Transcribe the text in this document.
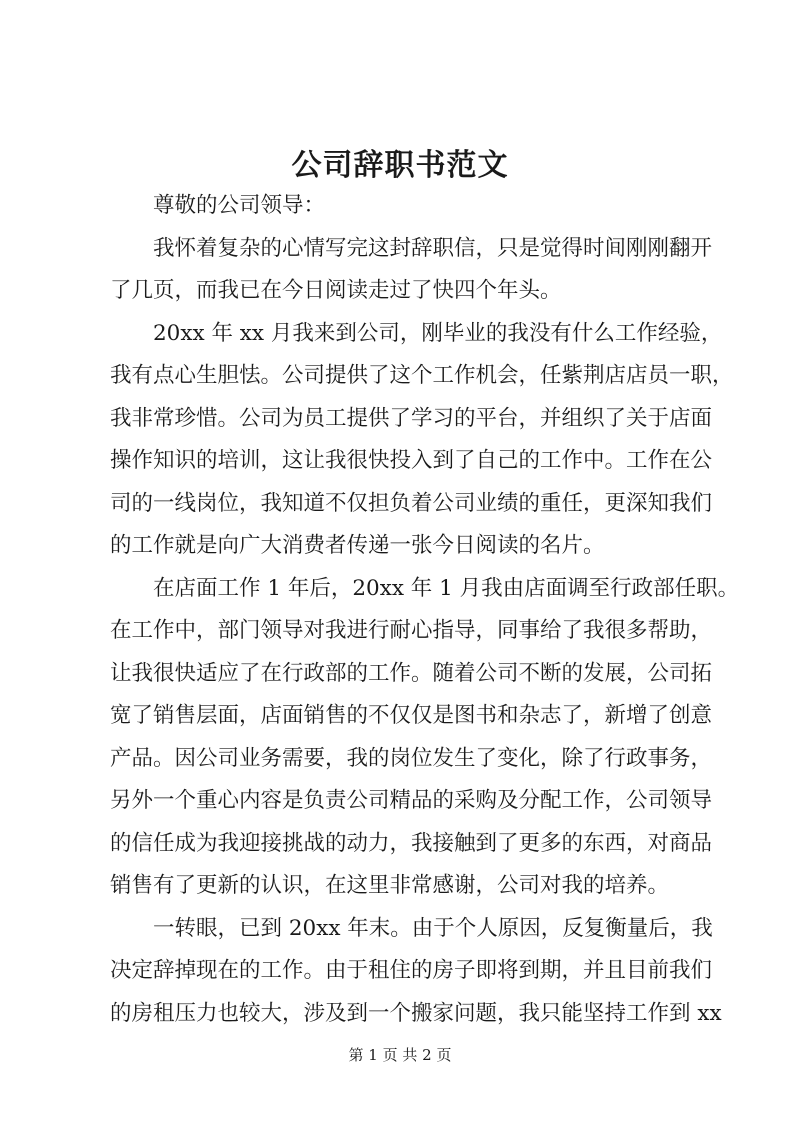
公司辞职书范文
尊敬的公司领导：
我怀着复杂的心情写完这封辞职信，只是觉得时间刚刚翻开
了几页，而我已在今日阅读走过了快四个年头。
20xx 年 xx 月我来到公司，刚毕业的我没有什么工作经验，
我有点心生胆怯。公司提供了这个工作机会，任紫荆店店员一职，
我非常珍惜。公司为员工提供了学习的平台，并组织了关于店面
操作知识的培训，这让我很快投入到了自己的工作中。工作在公
司的一线岗位，我知道不仅担负着公司业绩的重任，更深知我们
的工作就是向广大消费者传递一张今日阅读的名片。
在店面工作 1 年后，20xx 年 1 月我由店面调至行政部任职。
在工作中，部门领导对我进行耐心指导，同事给了我很多帮助，
让我很快适应了在行政部的工作。随着公司不断的发展，公司拓
宽了销售层面，店面销售的不仅仅是图书和杂志了，新增了创意
产品。因公司业务需要，我的岗位发生了变化，除了行政事务，
另外一个重心内容是负责公司精品的采购及分配工作，公司领导
的信任成为我迎接挑战的动力，我接触到了更多的东西，对商品
销售有了更新的认识，在这里非常感谢，公司对我的培养。
一转眼，已到 20xx 年末。由于个人原因，反复衡量后，我
决定辞掉现在的工作。由于租住的房子即将到期，并且目前我们
的房租压力也较大，涉及到一个搬家问题，我只能坚持工作到 xx
第 1 页 共 2 页
